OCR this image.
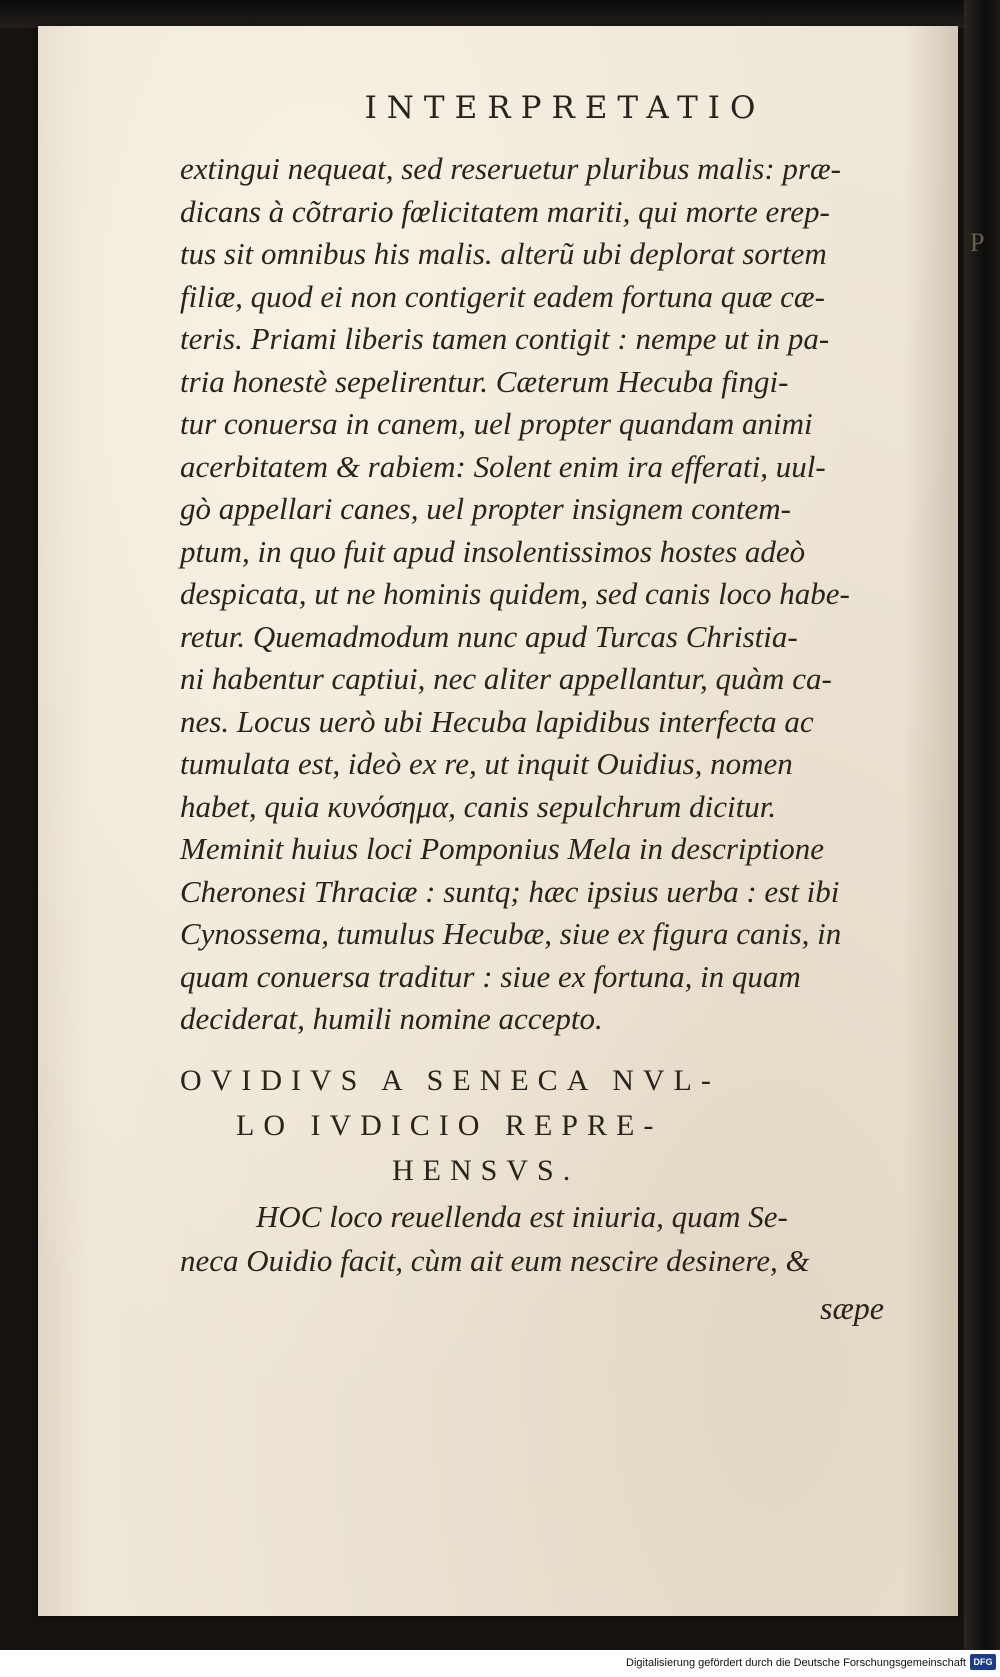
INTERPRETATIO
P
extingui nequeat, sed reseruetur pluribus malis: præ-
dicans à cõtrario fœlicitatem mariti, qui morte erep-
tus sit omnibus his malis. alterũ ubi deplorat sortem
filiæ, quod ei non contigerit eadem fortuna quæ cæ-
teris. Priami liberis tamen contigit : nempe ut in pa-
tria honestè sepelirentur. Cæterum Hecuba fingi-
tur conuersa in canem, uel propter quandam animi
acerbitatem & rabiem: Solent enim ira efferati, uul-
gò appellari canes, uel propter insignem contem-
ptum, in quo fuit apud insolentissimos hostes adeò
despicata, ut ne hominis quidem, sed canis loco habe-
retur. Quemadmodum nunc apud Turcas Christia-
ni habentur captiui, nec aliter appellantur, quàm ca-
nes. Locus uerò ubi Hecuba lapidibus interfecta ac
tumulata est, ideò ex re, ut inquit Ouidius, nomen
habet, quia κυνόσημα, canis sepulchrum dicitur.
Meminit huius loci Pomponius Mela in descriptione
Cheronesi Thraciæ : suntq; hæc ipsius uerba : est ibi
Cynossema, tumulus Hecubæ, siue ex figura canis, in
quam conuersa traditur : siue ex fortuna, in quam
deciderat, humili nomine accepto.
OVIDIVS A SENECA NVL-
LO IVDICIO REPRE-
HENSVS.
HOC loco reuellenda est iniuria, quam Se-
neca Ouidio facit, cùm ait eum nescire desinere, &
sæpe
Digitalisierung gefördert durch die Deutsche Forschungsgemeinschaft DFG
